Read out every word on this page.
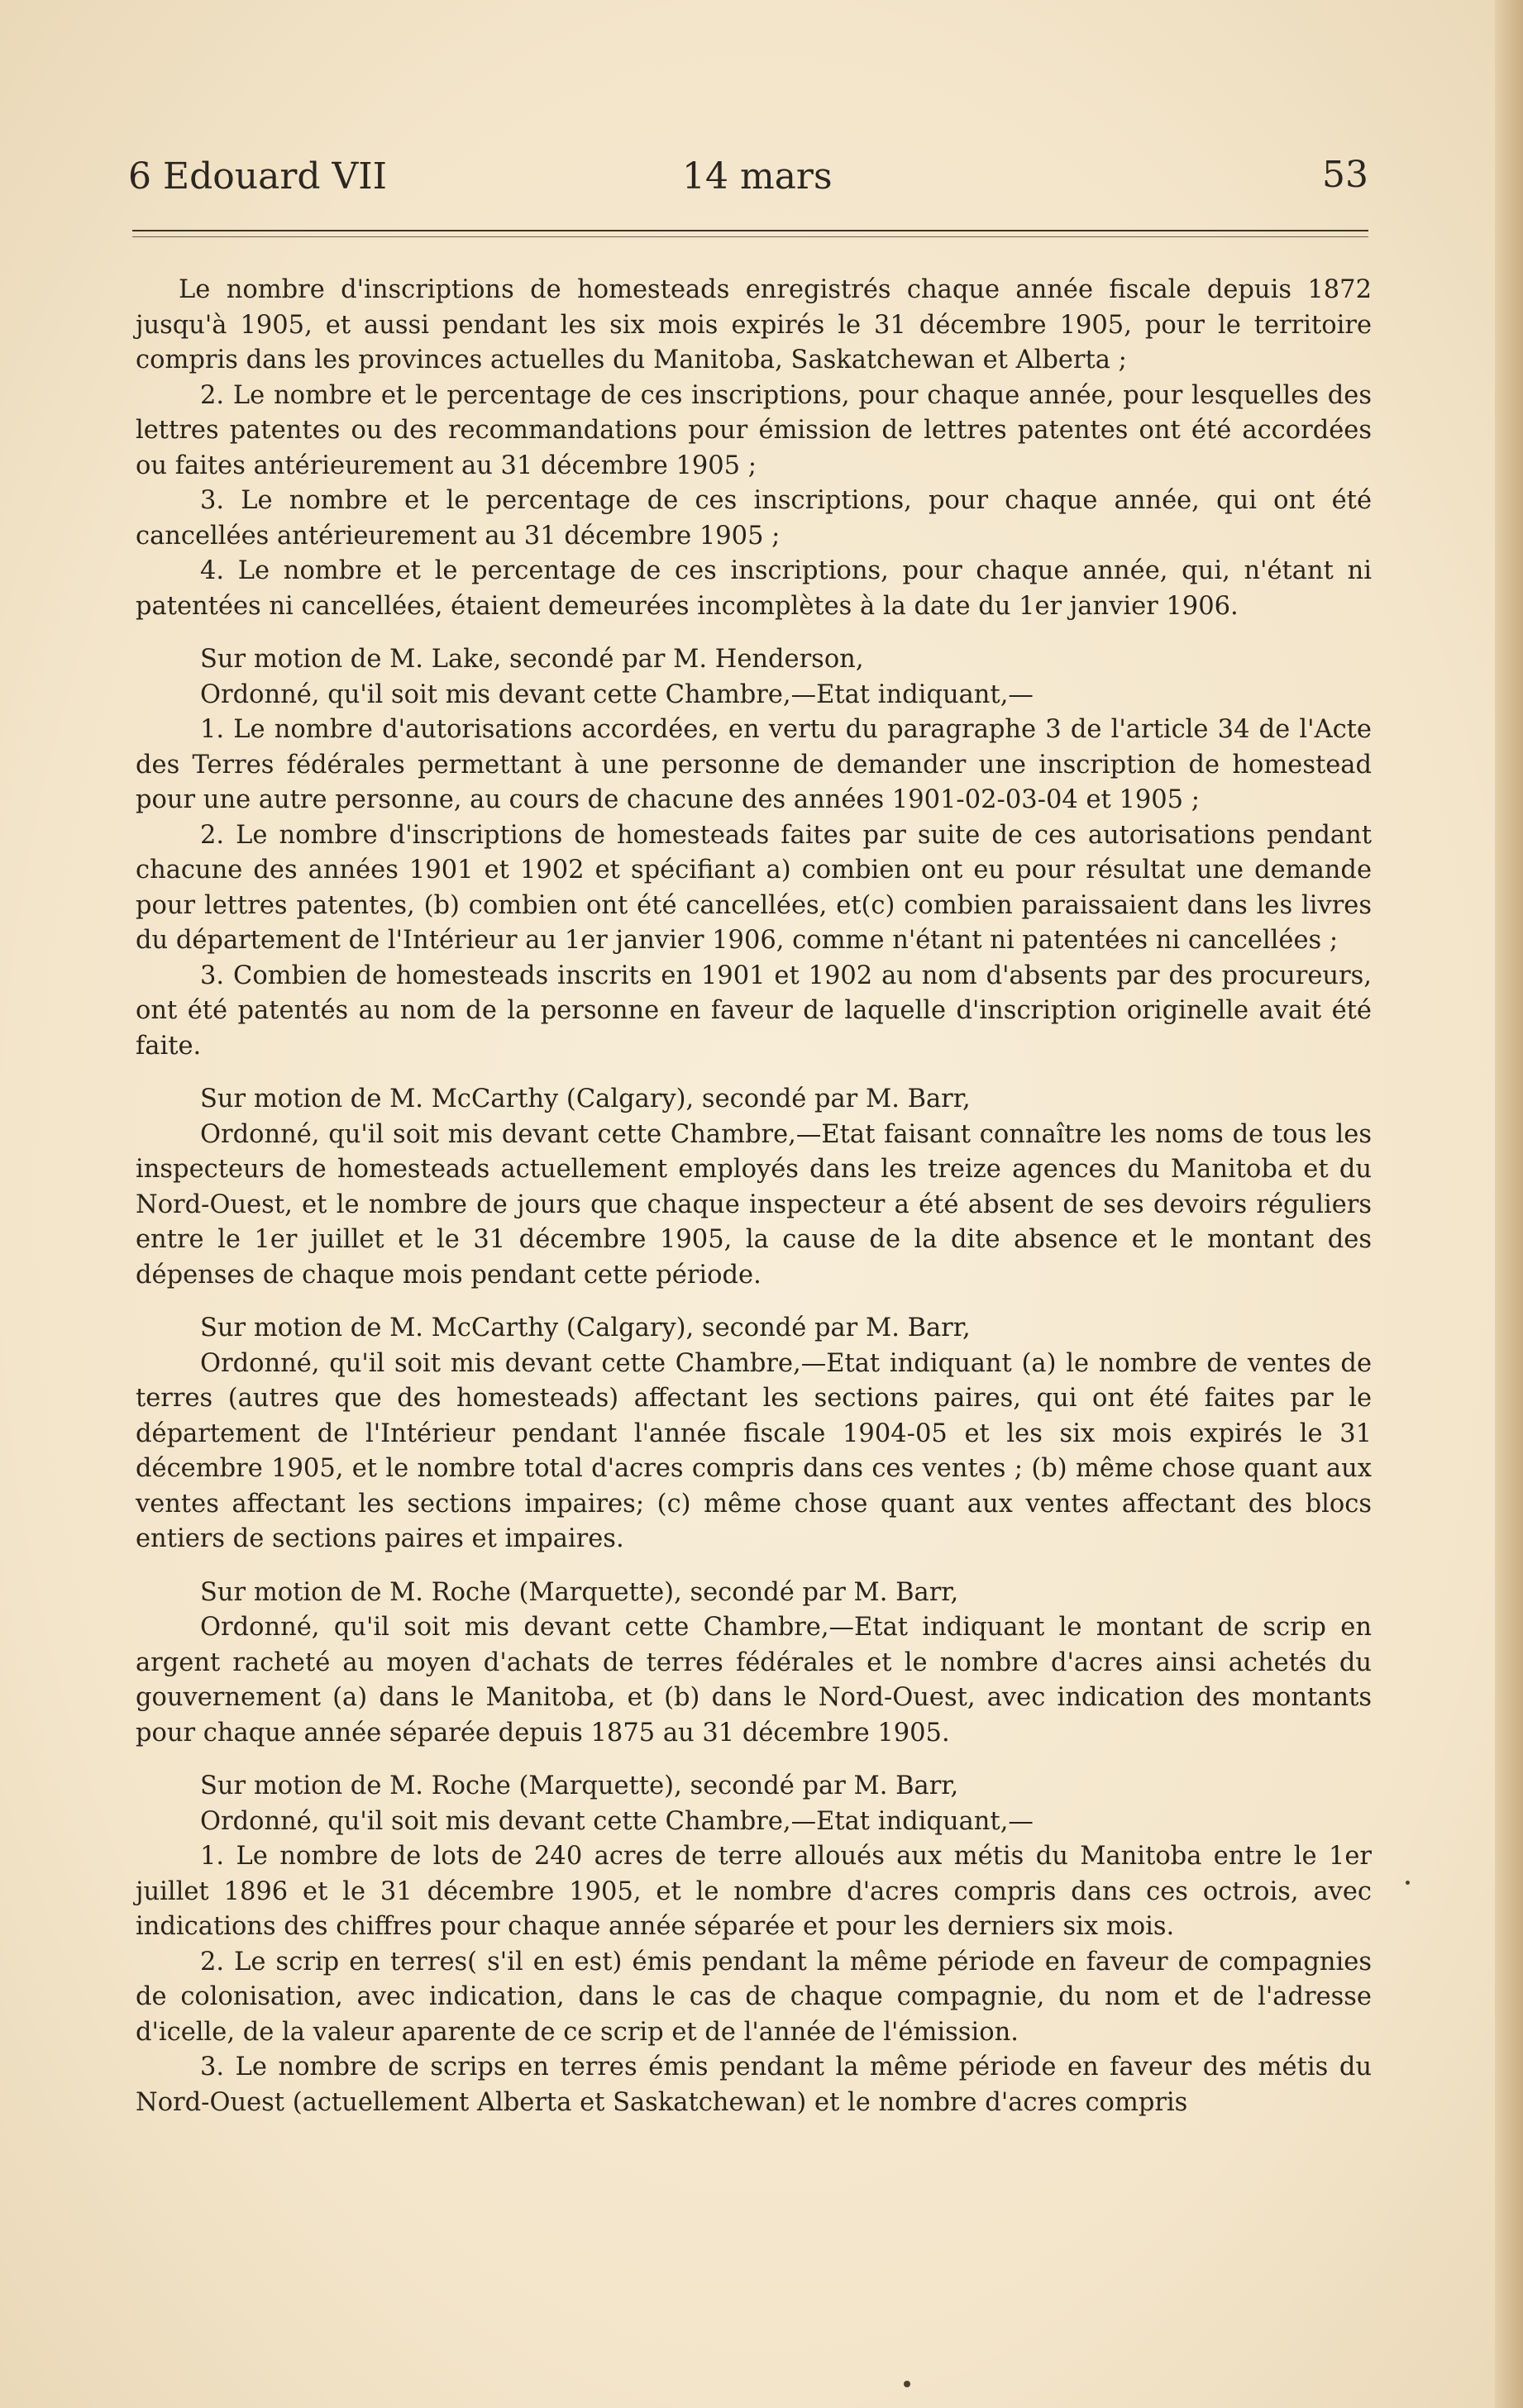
6 Edouard VII	14 mars	53

Le nombre d'inscriptions de homesteads enregistrés chaque année fiscale depuis 1872 jusqu'à 1905, et aussi pendant les six mois expirés le 31 décembre 1905, pour le territoire compris dans les provinces actuelles du Manitoba, Saskatchewan et Alberta ;

2. Le nombre et le percentage de ces inscriptions, pour chaque année, pour lesquelles des lettres patentes ou des recommandations pour émission de lettres patentes ont été accordées ou faites antérieurement au 31 décembre 1905 ;

3. Le nombre et le percentage de ces inscriptions, pour chaque année, qui ont été cancellées antérieurement au 31 décembre 1905 ;

4. Le nombre et le percentage de ces inscriptions, pour chaque année, qui, n'étant ni patentées ni cancellées, étaient demeurées incomplètes à la date du 1er janvier 1906.

Sur motion de M. Lake, secondé par M. Henderson,

Ordonné, qu'il soit mis devant cette Chambre,—Etat indiquant,—

1. Le nombre d'autorisations accordées, en vertu du paragraphe 3 de l'article 34 de l'Acte des Terres fédérales permettant à une personne de demander une inscription de homestead pour une autre personne, au cours de chacune des années 1901-02-03-04 et 1905 ;

2. Le nombre d'inscriptions de homesteads faites par suite de ces autorisations pendant chacune des années 1901 et 1902 et spécifiant a) combien ont eu pour résultat une demande pour lettres patentes, (b) combien ont été cancellées, et(c) combien paraissaient dans les livres du département de l'Intérieur au 1er janvier 1906, comme n'étant ni patentées ni cancellées ;

3. Combien de homesteads inscrits en 1901 et 1902 au nom d'absents par des procureurs, ont été patentés au nom de la personne en faveur de laquelle d'inscription originelle avait été faite.

Sur motion de M. McCarthy (Calgary), secondé par M. Barr,

Ordonné, qu'il soit mis devant cette Chambre,—Etat faisant connaître les noms de tous les inspecteurs de homesteads actuellement employés dans les treize agences du Manitoba et du Nord-Ouest, et le nombre de jours que chaque inspecteur a été absent de ses devoirs réguliers entre le 1er juillet et le 31 décembre 1905, la cause de la dite absence et le montant des dépenses de chaque mois pendant cette période.

Sur motion de M. McCarthy (Calgary), secondé par M. Barr,

Ordonné, qu'il soit mis devant cette Chambre,—Etat indiquant (a) le nombre de ventes de terres (autres que des homesteads) affectant les sections paires, qui ont été faites par le département de l'Intérieur pendant l'année fiscale 1904-05 et les six mois expirés le 31 décembre 1905, et le nombre total d'acres compris dans ces ventes ; (b) même chose quant aux ventes affectant les sections impaires; (c) même chose quant aux ventes affectant des blocs entiers de sections paires et impaires.

Sur motion de M. Roche (Marquette), secondé par M. Barr,

Ordonné, qu'il soit mis devant cette Chambre,—Etat indiquant le montant de scrip en argent racheté au moyen d'achats de terres fédérales et le nombre d'acres ainsi achetés du gouvernement (a) dans le Manitoba, et (b) dans le Nord-Ouest, avec indication des montants pour chaque année séparée depuis 1875 au 31 décembre 1905.

Sur motion de M. Roche (Marquette), secondé par M. Barr,

Ordonné, qu'il soit mis devant cette Chambre,—Etat indiquant,—

1. Le nombre de lots de 240 acres de terre alloués aux métis du Manitoba entre le 1er juillet 1896 et le 31 décembre 1905, et le nombre d'acres compris dans ces octrois, avec indications des chiffres pour chaque année séparée et pour les derniers six mois.

2. Le scrip en terres( s'il en est) émis pendant la même période en faveur de compagnies de colonisation, avec indication, dans le cas de chaque compagnie, du nom et de l'adresse d'icelle, de la valeur aparente de ce scrip et de l'année de l'émission.

3. Le nombre de scrips en terres émis pendant la même période en faveur des métis du Nord-Ouest (actuellement Alberta et Saskatchewan) et le nombre d'acres compris
